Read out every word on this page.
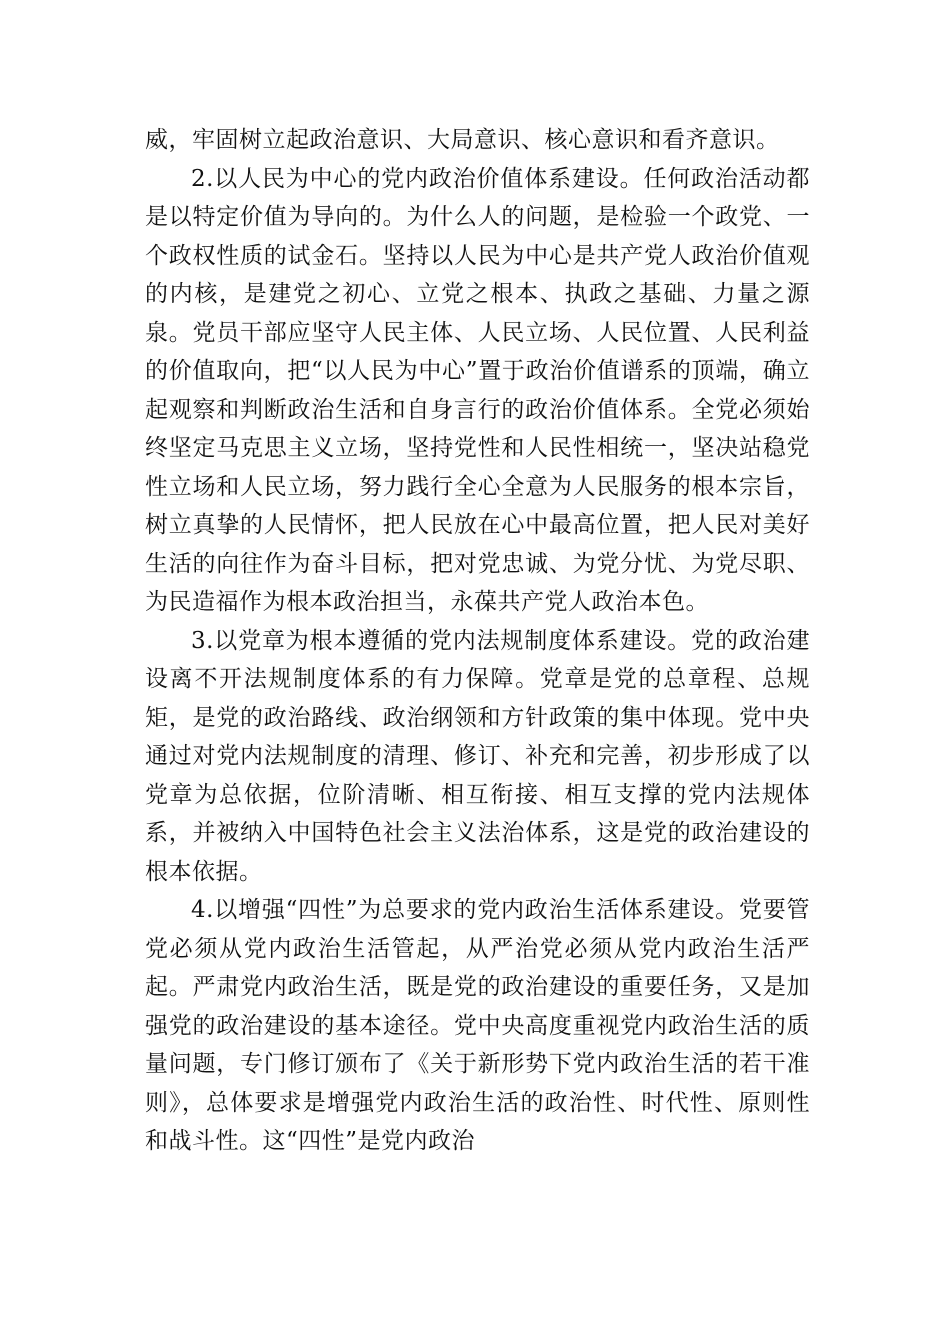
威，牢固树立起政治意识、大局意识、核心意识和看齐意识。

2.以人民为中心的党内政治价值体系建设。任何政治活动都是以特定价值为导向的。为什么人的问题，是检验一个政党、一个政权性质的试金石。坚持以人民为中心是共产党人政治价值观的内核，是建党之初心、立党之根本、执政之基础、力量之源泉。党员干部应坚守人民主体、人民立场、人民位置、人民利益的价值取向，把“以人民为中心”置于政治价值谱系的顶端，确立起观察和判断政治生活和自身言行的政治价值体系。全党必须始终坚定马克思主义立场，坚持党性和人民性相统一，坚决站稳党性立场和人民立场，努力践行全心全意为人民服务的根本宗旨，树立真挚的人民情怀，把人民放在心中最高位置，把人民对美好生活的向往作为奋斗目标，把对党忠诚、为党分忧、为党尽职、为民造福作为根本政治担当，永葆共产党人政治本色。

3.以党章为根本遵循的党内法规制度体系建设。党的政治建设离不开法规制度体系的有力保障。党章是党的总章程、总规矩，是党的政治路线、政治纲领和方针政策的集中体现。党中央通过对党内法规制度的清理、修订、补充和完善，初步形成了以党章为总依据，位阶清晰、相互衔接、相互支撑的党内法规体系，并被纳入中国特色社会主义法治体系，这是党的政治建设的根本依据。

4.以增强“四性”为总要求的党内政治生活体系建设。党要管党必须从党内政治生活管起，从严治党必须从党内政治生活严起。严肃党内政治生活，既是党的政治建设的重要任务，又是加强党的政治建设的基本途径。党中央高度重视党内政治生活的质量问题，专门修订颁布了《关于新形势下党内政治生活的若干准则》，总体要求是增强党内政治生活的政治性、时代性、原则性和战斗性。这“四性”是党内政治
